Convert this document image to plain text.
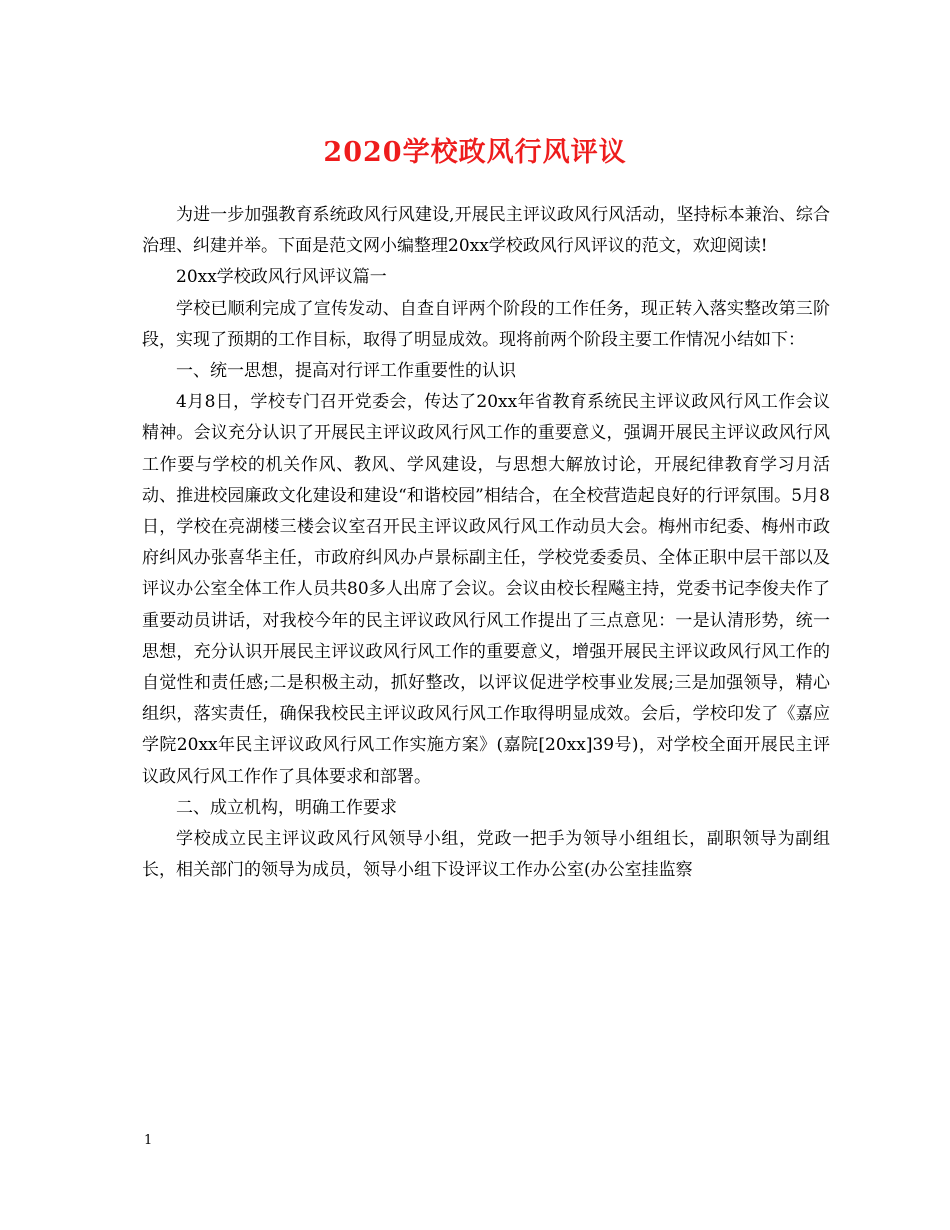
2020学校政风行风评议

为进一步加强教育系统政风行风建设,开展民主评议政风行风活动，坚持标本兼治、综合治理、纠建并举。下面是范文网小编整理20xx学校政风行风评议的范文，欢迎阅读!

20xx学校政风行风评议篇一

学校已顺利完成了宣传发动、自查自评两个阶段的工作任务，现正转入落实整改第三阶段，实现了预期的工作目标，取得了明显成效。现将前两个阶段主要工作情况小结如下：

一、统一思想，提高对行评工作重要性的认识

4月8日，学校专门召开党委会，传达了20xx年省教育系统民主评议政风行风工作会议精神。会议充分认识了开展民主评议政风行风工作的重要意义，强调开展民主评议政风行风工作要与学校的机关作风、教风、学风建设，与思想大解放讨论，开展纪律教育学习月活动、推进校园廉政文化建设和建设“和谐校园”相结合，在全校营造起良好的行评氛围。5月8日，学校在亮湖楼三楼会议室召开民主评议政风行风工作动员大会。梅州市纪委、梅州市政府纠风办张喜华主任，市政府纠风办卢景标副主任，学校党委委员、全体正职中层干部以及评议办公室全体工作人员共80多人出席了会议。会议由校长程飚主持，党委书记李俊夫作了重要动员讲话，对我校今年的民主评议政风行风工作提出了三点意见：一是认清形势，统一思想，充分认识开展民主评议政风行风工作的重要意义，增强开展民主评议政风行风工作的自觉性和责任感;二是积极主动，抓好整改，以评议促进学校事业发展;三是加强领导，精心组织，落实责任，确保我校民主评议政风行风工作取得明显成效。会后，学校印发了《嘉应学院20xx年民主评议政风行风工作实施方案》(嘉院[20xx]39号)，对学校全面开展民主评议政风行风工作作了具体要求和部署。

二、成立机构，明确工作要求

学校成立民主评议政风行风领导小组，党政一把手为领导小组组长，副职领导为副组长，相关部门的领导为成员，领导小组下设评议工作办公室(办公室挂监察

1
